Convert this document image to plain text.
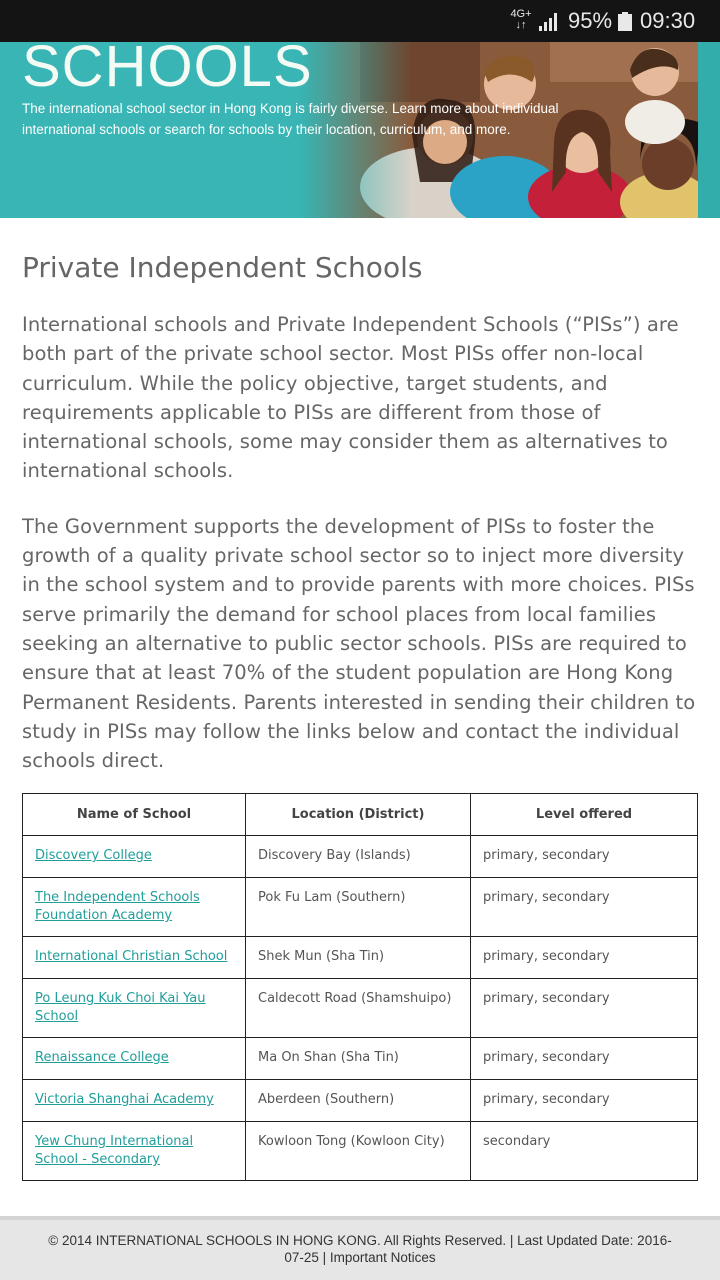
4G+
↓↑ 95% 09:30
SCHOOLS
The international school sector in Hong Kong is fairly diverse. Learn more about individual international schools or search for schools by their location, curriculum, and more.
Private Independent Schools

International schools and Private Independent Schools (“PISs”) are both part of the private school sector. Most PISs offer non-local curriculum. While the policy objective, target students, and requirements applicable to PISs are different from those of international schools, some may consider them as alternatives to international schools.

The Government supports the development of PISs to foster the growth of a quality private school sector so to inject more diversity in the school system and to provide parents with more choices. PISs serve primarily the demand for school places from local families seeking an alternative to public sector schools. PISs are required to ensure that at least 70% of the student population are Hong Kong Permanent Residents. Parents interested in sending their children to study in PISs may follow the links below and contact the individual schools direct.

Name of School	Location (District)	Level offered
Discovery College	Discovery Bay (Islands)	primary, secondary
The Independent Schools Foundation Academy	Pok Fu Lam (Southern)	primary, secondary
International Christian School	Shek Mun (Sha Tin)	primary, secondary
Po Leung Kuk Choi Kai Yau School	Caldecott Road (Shamshuipo)	primary, secondary
Renaissance College	Ma On Shan (Sha Tin)	primary, secondary
Victoria Shanghai Academy	Aberdeen (Southern)	primary, secondary
Yew Chung International School - Secondary	Kowloon Tong (Kowloon City)	secondary
© 2014 INTERNATIONAL SCHOOLS IN HONG KONG. All Rights Reserved. | Last Updated Date: 2016-07-25 | Important Notices
